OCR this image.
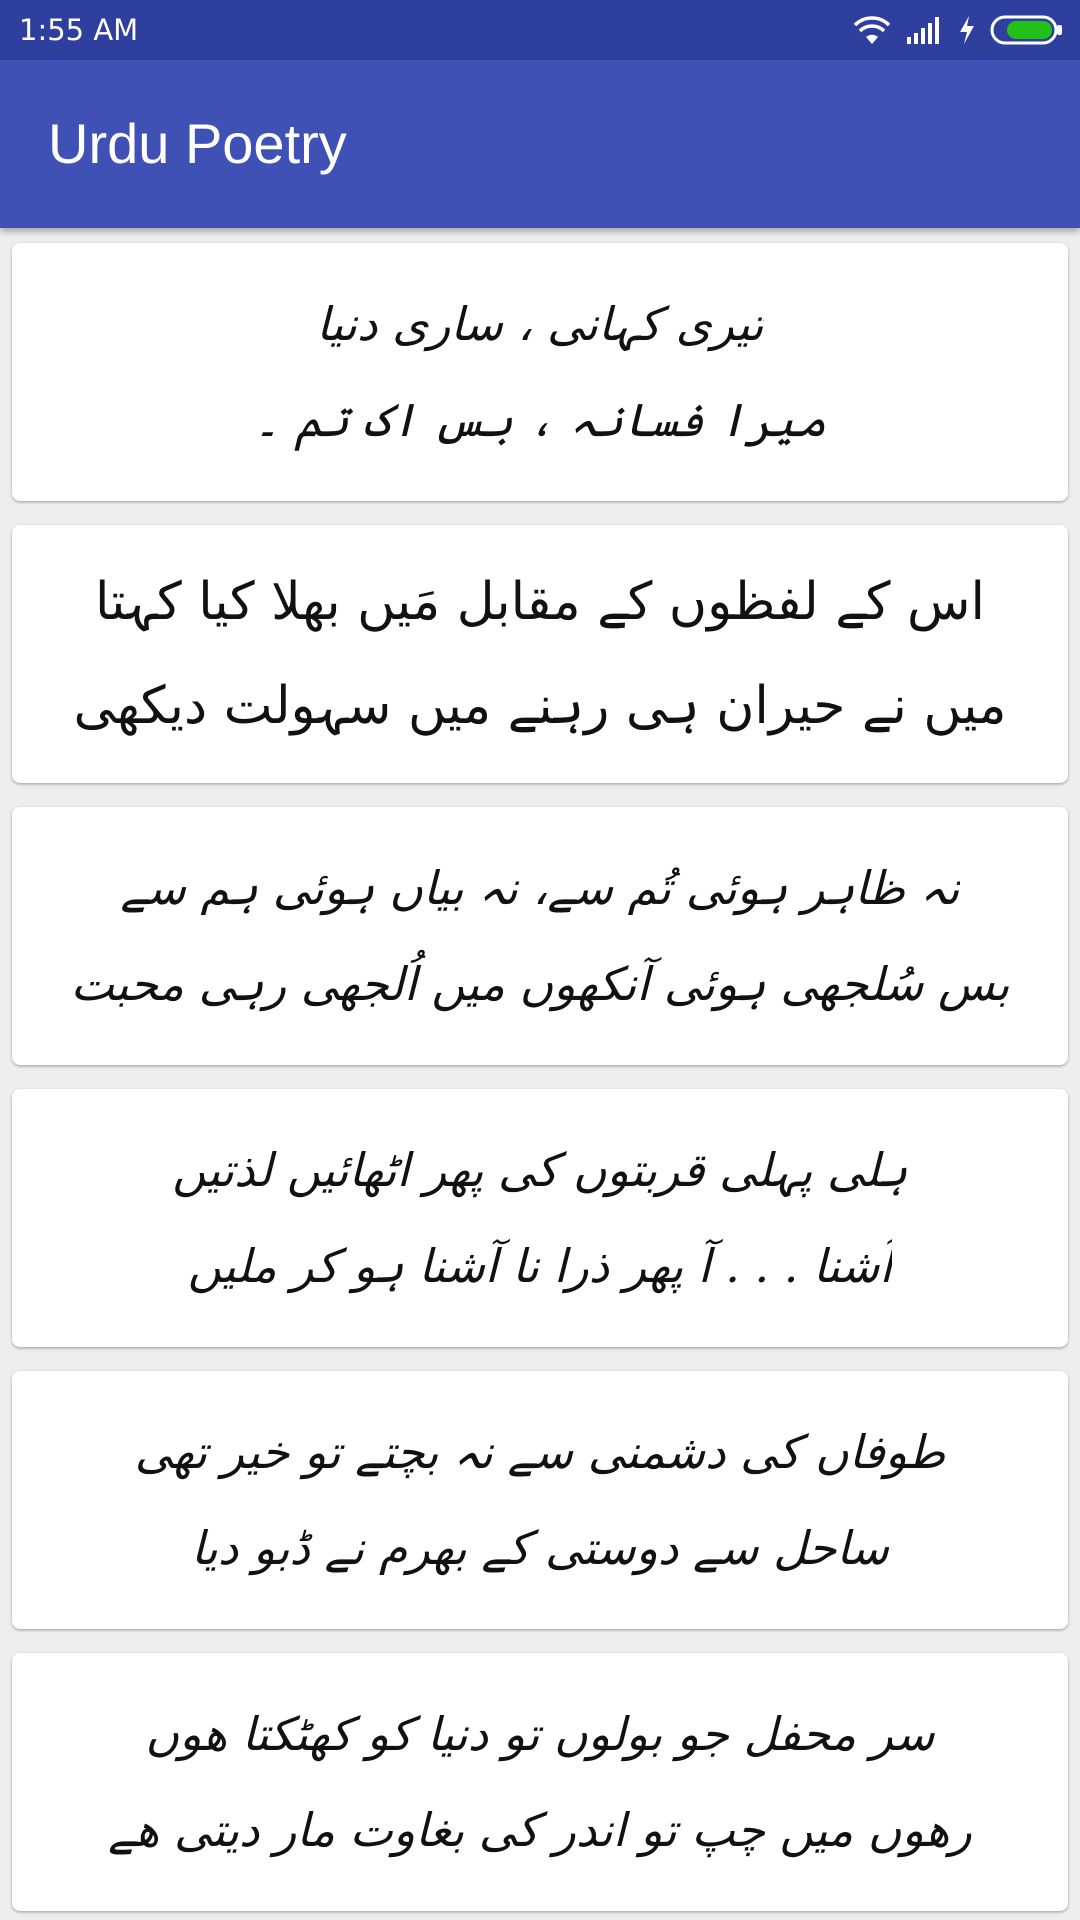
1:55 AM
Urdu Poetry
تیری کہانی ، ساری دنیا
میرا فسانہ ، بس اک تم ۔
اس کے لفظوں کے مقابل مَیں بھلا کیا کہتا
میں نے حیران ہی رہنے میں سہولت دیکھی
نہ ظاہر ہوئی تُم سے، نہ بیاں ہوئی ہم سے
بس سُلجھی ہوئی آنکھوں میں اُلجھی رہی محبت
ہلی پہلی قربتوں کی پھر اٹھائیں لذتیں
آشنا . . . آ پھر ذرا نا آشنا ہو کر ملیں
طوفاں کی دشمنی سے نہ بچتے تو خیر تھی
ساحل سے دوستی کے بھرم نے ڈبو دیا
سر محفل جو بولوں تو دنیا کو کھٹکتا ھوں
رھوں میں چپ تو اندر کی بغاوت مار دیتی ھے
